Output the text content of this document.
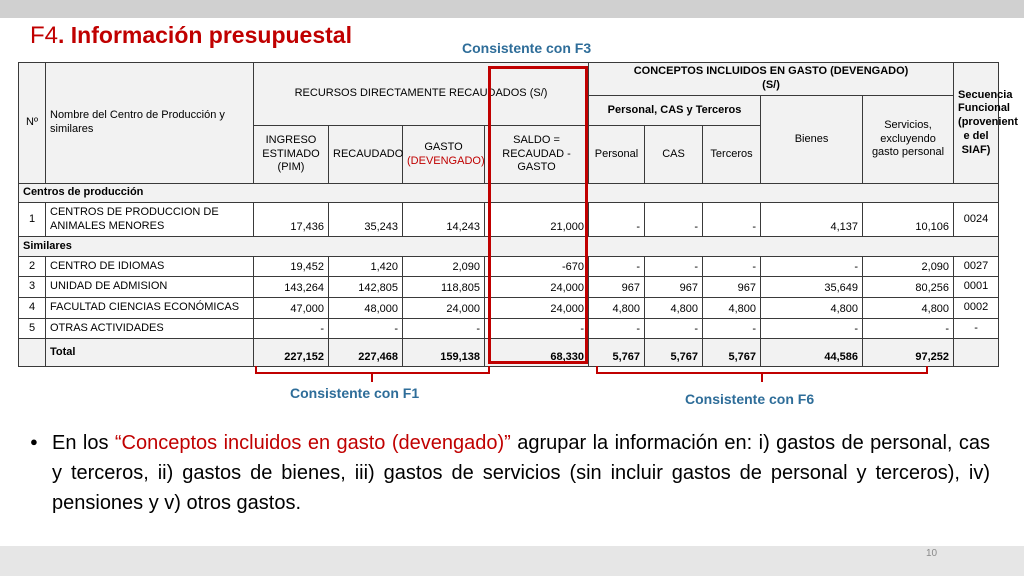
F4. Información presupuestal	Consistente con F3
Nº	Nombre del Centro de Producción y similares	RECURSOS DIRECTAMENTE RECAUDADOS (S/)				CONCEPTOS INCLUIDOS EN GASTO (DEVENGADO)
(S/)					Secuencia Funcional (provenient e del SIAF)
						Personal, CAS y Terceros			Bienes	Servicios, excluyendo gasto personal	
		INGRESO ESTIMADO (PIM)	RECAUDADO	GASTO
(DEVENGADO)	SALDO = RECAUDAD - GASTO	Personal	CAS	Terceros			
Centros de producción											
1	CENTROS DE PRODUCCION DE ANIMALES MENORES	17,436	35,243	14,243	21,000	-	-	-	4,137	10,106	0024
Similares											
2	CENTRO DE IDIOMAS	19,452	1,420	2,090	-670	-	-	-	-	2,090	0027
3	UNIDAD DE ADMISION	143,264	142,805	118,805	24,000	967	967	967	35,649	80,256	0001
4	FACULTAD CIENCIAS ECONÓMICAS	47,000	48,000	24,000	24,000	4,800	4,800	4,800	4,800	4,800	0002
5	OTRAS ACTIVIDADES	-	-	-	-	-	-	-	-	-	-
	Total	227,152	227,468	159,138	68,330	5,767	5,767	5,767	44,586	97,252	
Consistente con F1	Consistente con F6
● En los “Conceptos incluidos en gasto (devengado)” agrupar la información en: i) gastos de personal, cas y terceros, ii) gastos de bienes, iii) gastos de servicios (sin incluir gastos de personal y terceros), iv) pensiones y v) otros gastos.
10
